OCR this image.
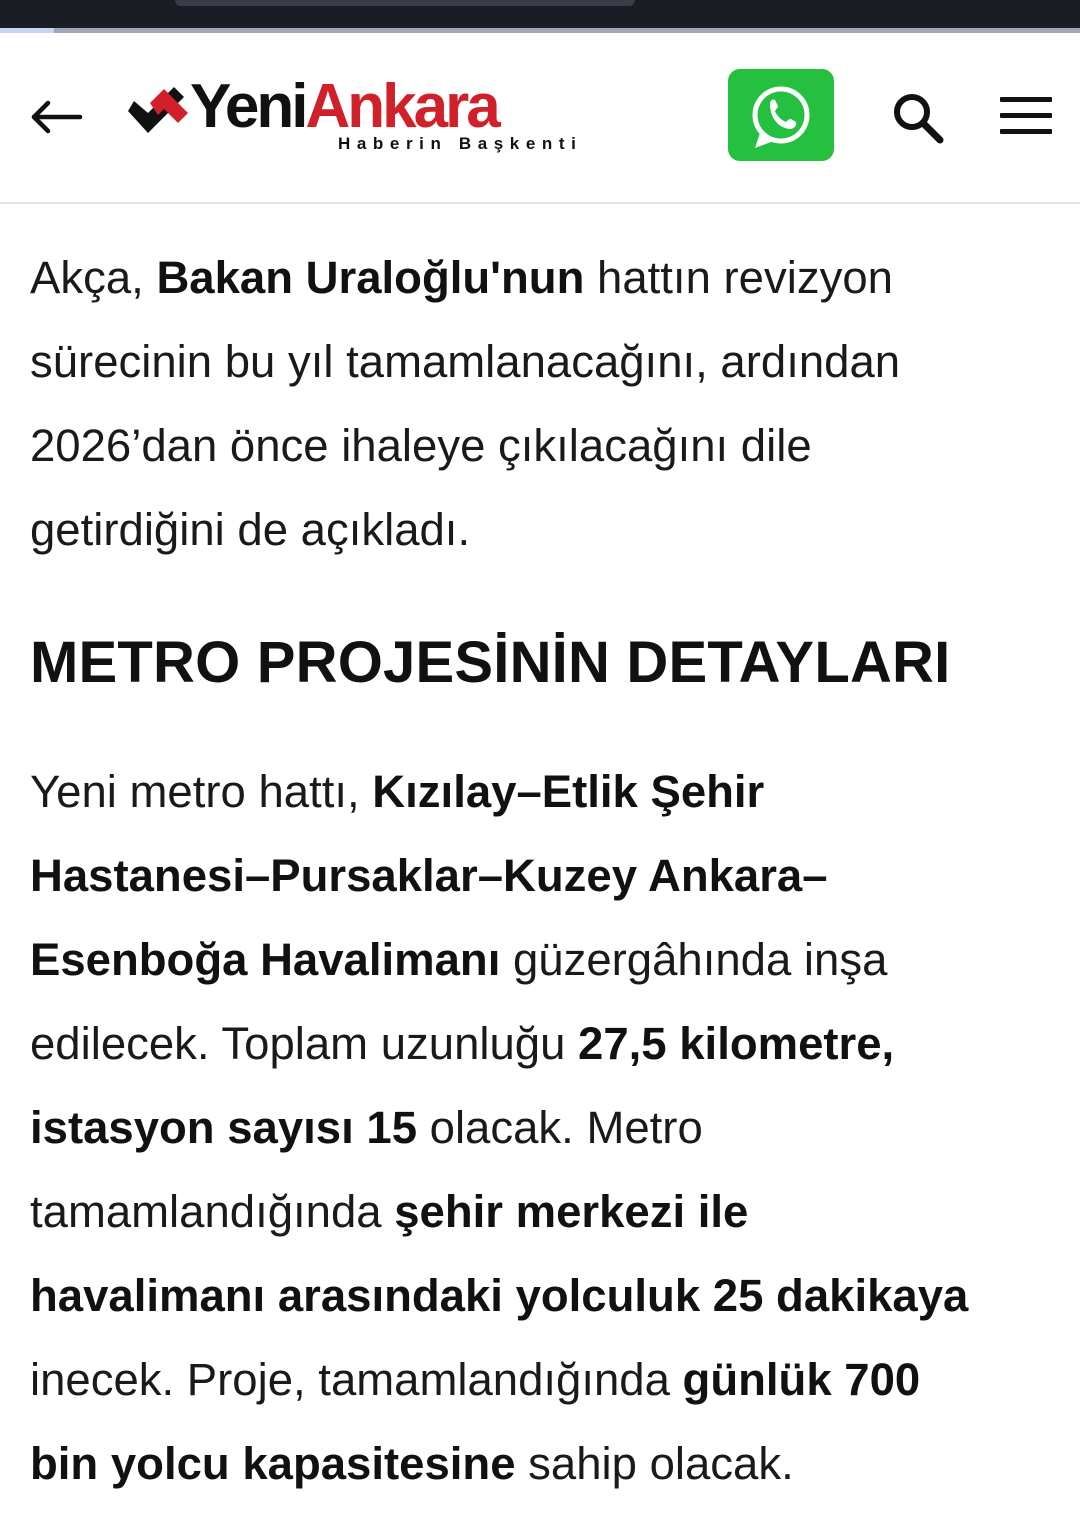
YeniAnkara
Haberin Başkenti

Akça, Bakan Uraloğlu'nun hattın revizyon
sürecinin bu yıl tamamlanacağını, ardından
2026’dan önce ihaleye çıkılacağını dile
getirdiğini de açıkladı.

METRO PROJESİNİN DETAYLARI

Yeni metro hattı, Kızılay–Etlik Şehir
Hastanesi–Pursaklar–Kuzey Ankara–
Esenboğa Havalimanı güzergâhında inşa
edilecek. Toplam uzunluğu 27,5 kilometre,
istasyon sayısı 15 olacak. Metro
tamamlandığında şehir merkezi ile
havalimanı arasındaki yolculuk 25 dakikaya
inecek. Proje, tamamlandığında günlük 700
bin yolcu kapasitesine sahip olacak.
